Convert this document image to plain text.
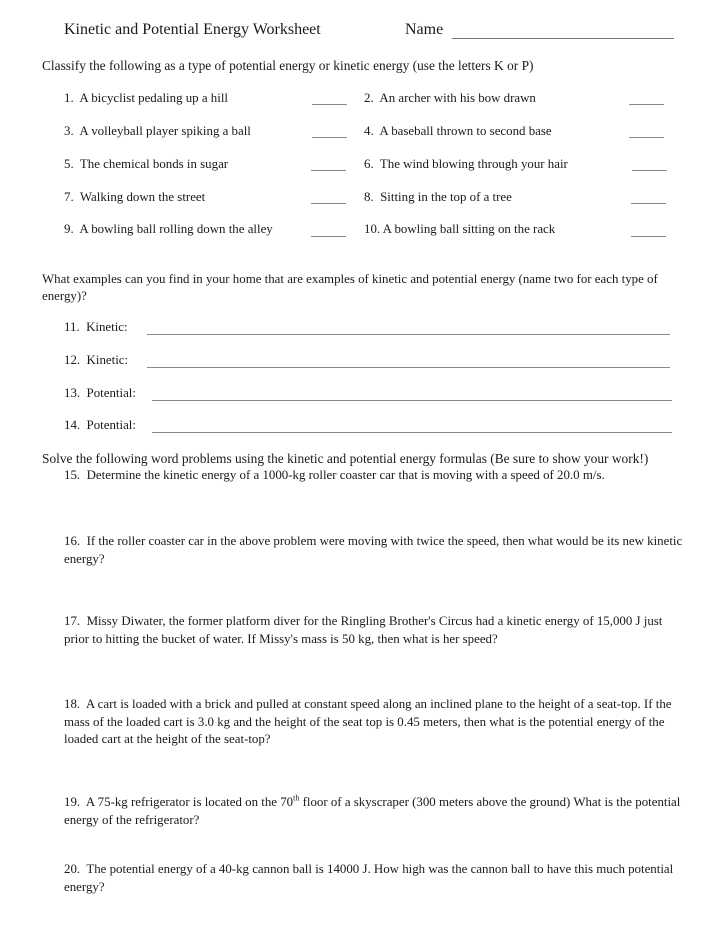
Kinetic and Potential Energy Worksheet	Name
Classify the following as a type of potential energy or kinetic energy (use the letters K or P)
1. A bicyclist pedaling up a hill	2. An archer with his bow drawn
3. A volleyball player spiking a ball	4. A baseball thrown to second base
5. The chemical bonds in sugar	6. The wind blowing through your hair
7. Walking down the street	8. Sitting in the top of a tree
9. A bowling ball rolling down the alley	10. A bowling ball sitting on the rack
What examples can you find in your home that are examples of kinetic and potential energy (name two for each type of energy)?
11.  Kinetic:
12.  Kinetic:
13.  Potential:
14.  Potential:
Solve the following word problems using the kinetic and potential energy formulas (Be sure to show your work!)
15. Determine the kinetic energy of a 1000-kg roller coaster car that is moving with a speed of 20.0 m/s.
16. If the roller coaster car in the above problem were moving with twice the speed, then what would be its new kinetic energy?
17. Missy Diwater, the former platform diver for the Ringling Brother's Circus had a kinetic energy of 15,000 J just prior to hitting the bucket of water. If Missy's mass is 50 kg, then what is her speed?
18. A cart is loaded with a brick and pulled at constant speed along an inclined plane to the height of a seat-top. If the mass of the loaded cart is 3.0 kg and the height of the seat top is 0.45 meters, then what is the potential energy of the loaded cart at the height of the seat-top?
19. A 75-kg refrigerator is located on the 70th floor of a skyscraper (300 meters above the ground) What is the potential energy of the refrigerator?
20. The potential energy of a 40-kg cannon ball is 14000 J. How high was the cannon ball to have this much potential energy?
